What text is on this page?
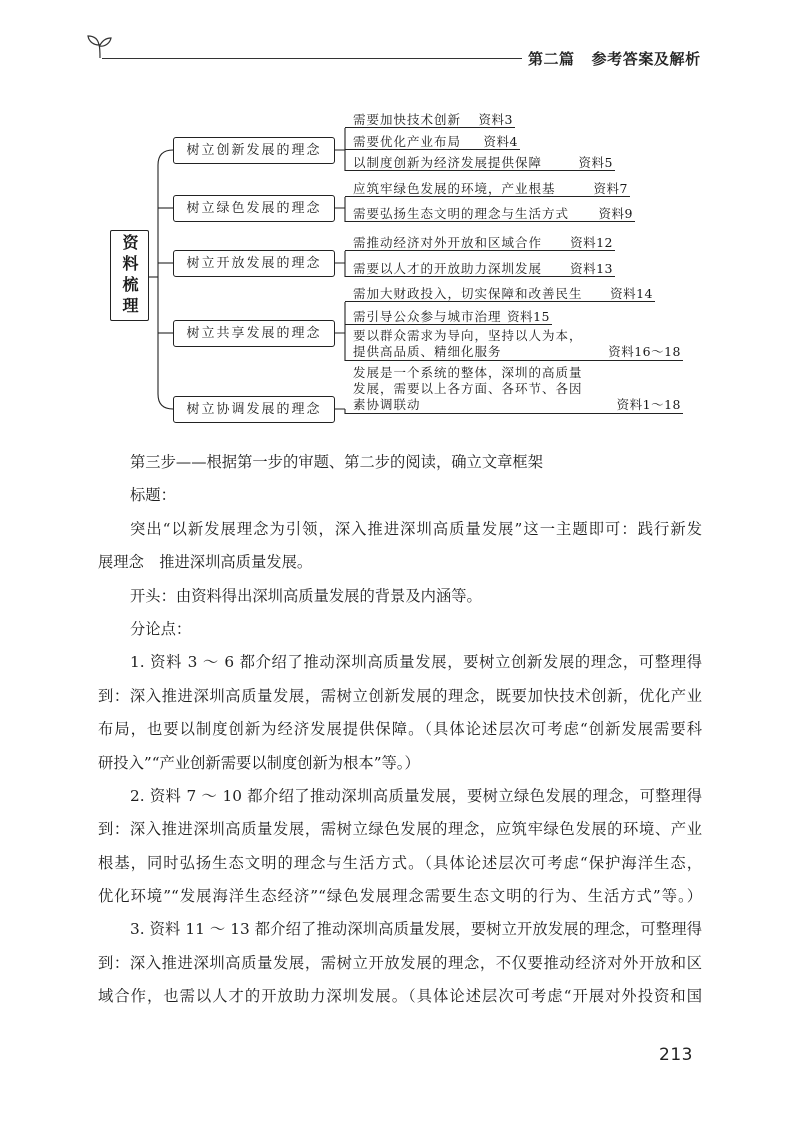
第二篇 参考答案及解析
资料梳理
树立创新发展的理念
树立绿色发展的理念
树立开放发展的理念
树立共享发展的理念
树立协调发展的理念
需要加快技术创新 资料3
需要优化产业布局 资料4
以制度创新为经济发展提供保障	资料5
应筑牢绿色发展的环境，产业根基	资料7
需要弘扬生态文明的理念与生活方式 资料9
需推动经济对外开放和区域合作 资料12
需要以人才的开放助力深圳发展 资料13
需加大财政投入，切实保障和改善民生 资料14
需引导公众参与城市治理 资料15
要以群众需求为导向，坚持以人为本，
提供高品质、精细化服务	资料16～18
发展是一个系统的整体，深圳的高质量
发展，需要以上各方面、各环节、各因
素协调联动	资料1～18
第三步——根据第一步的审题、第二步的阅读，确立文章框架
标题：
突出“以新发展理念为引领，深入推进深圳高质量发展”这一主题即可：践行新发
展理念　推进深圳高质量发展。
开头：由资料得出深圳高质量发展的背景及内涵等。
分论点：
1. 资料 3 ～ 6 都介绍了推动深圳高质量发展，要树立创新发展的理念，可整理得
到：深入推进深圳高质量发展，需树立创新发展的理念，既要加快技术创新，优化产业
布局，也要以制度创新为经济发展提供保障。（具体论述层次可考虑“创新发展需要科
研投入”“产业创新需要以制度创新为根本”等。）
2. 资料 7 ～ 10 都介绍了推动深圳高质量发展，要树立绿色发展的理念，可整理得
到：深入推进深圳高质量发展，需树立绿色发展的理念，应筑牢绿色发展的环境、产业
根基，同时弘扬生态文明的理念与生活方式。（具体论述层次可考虑“保护海洋生态，
优化环境”“发展海洋生态经济”“绿色发展理念需要生态文明的行为、生活方式”等。）
3. 资料 11 ～ 13 都介绍了推动深圳高质量发展，要树立开放发展的理念，可整理得
到：深入推进深圳高质量发展，需树立开放发展的理念，不仅要推动经济对外开放和区
域合作，也需以人才的开放助力深圳发展。（具体论述层次可考虑“开展对外投资和国
213
